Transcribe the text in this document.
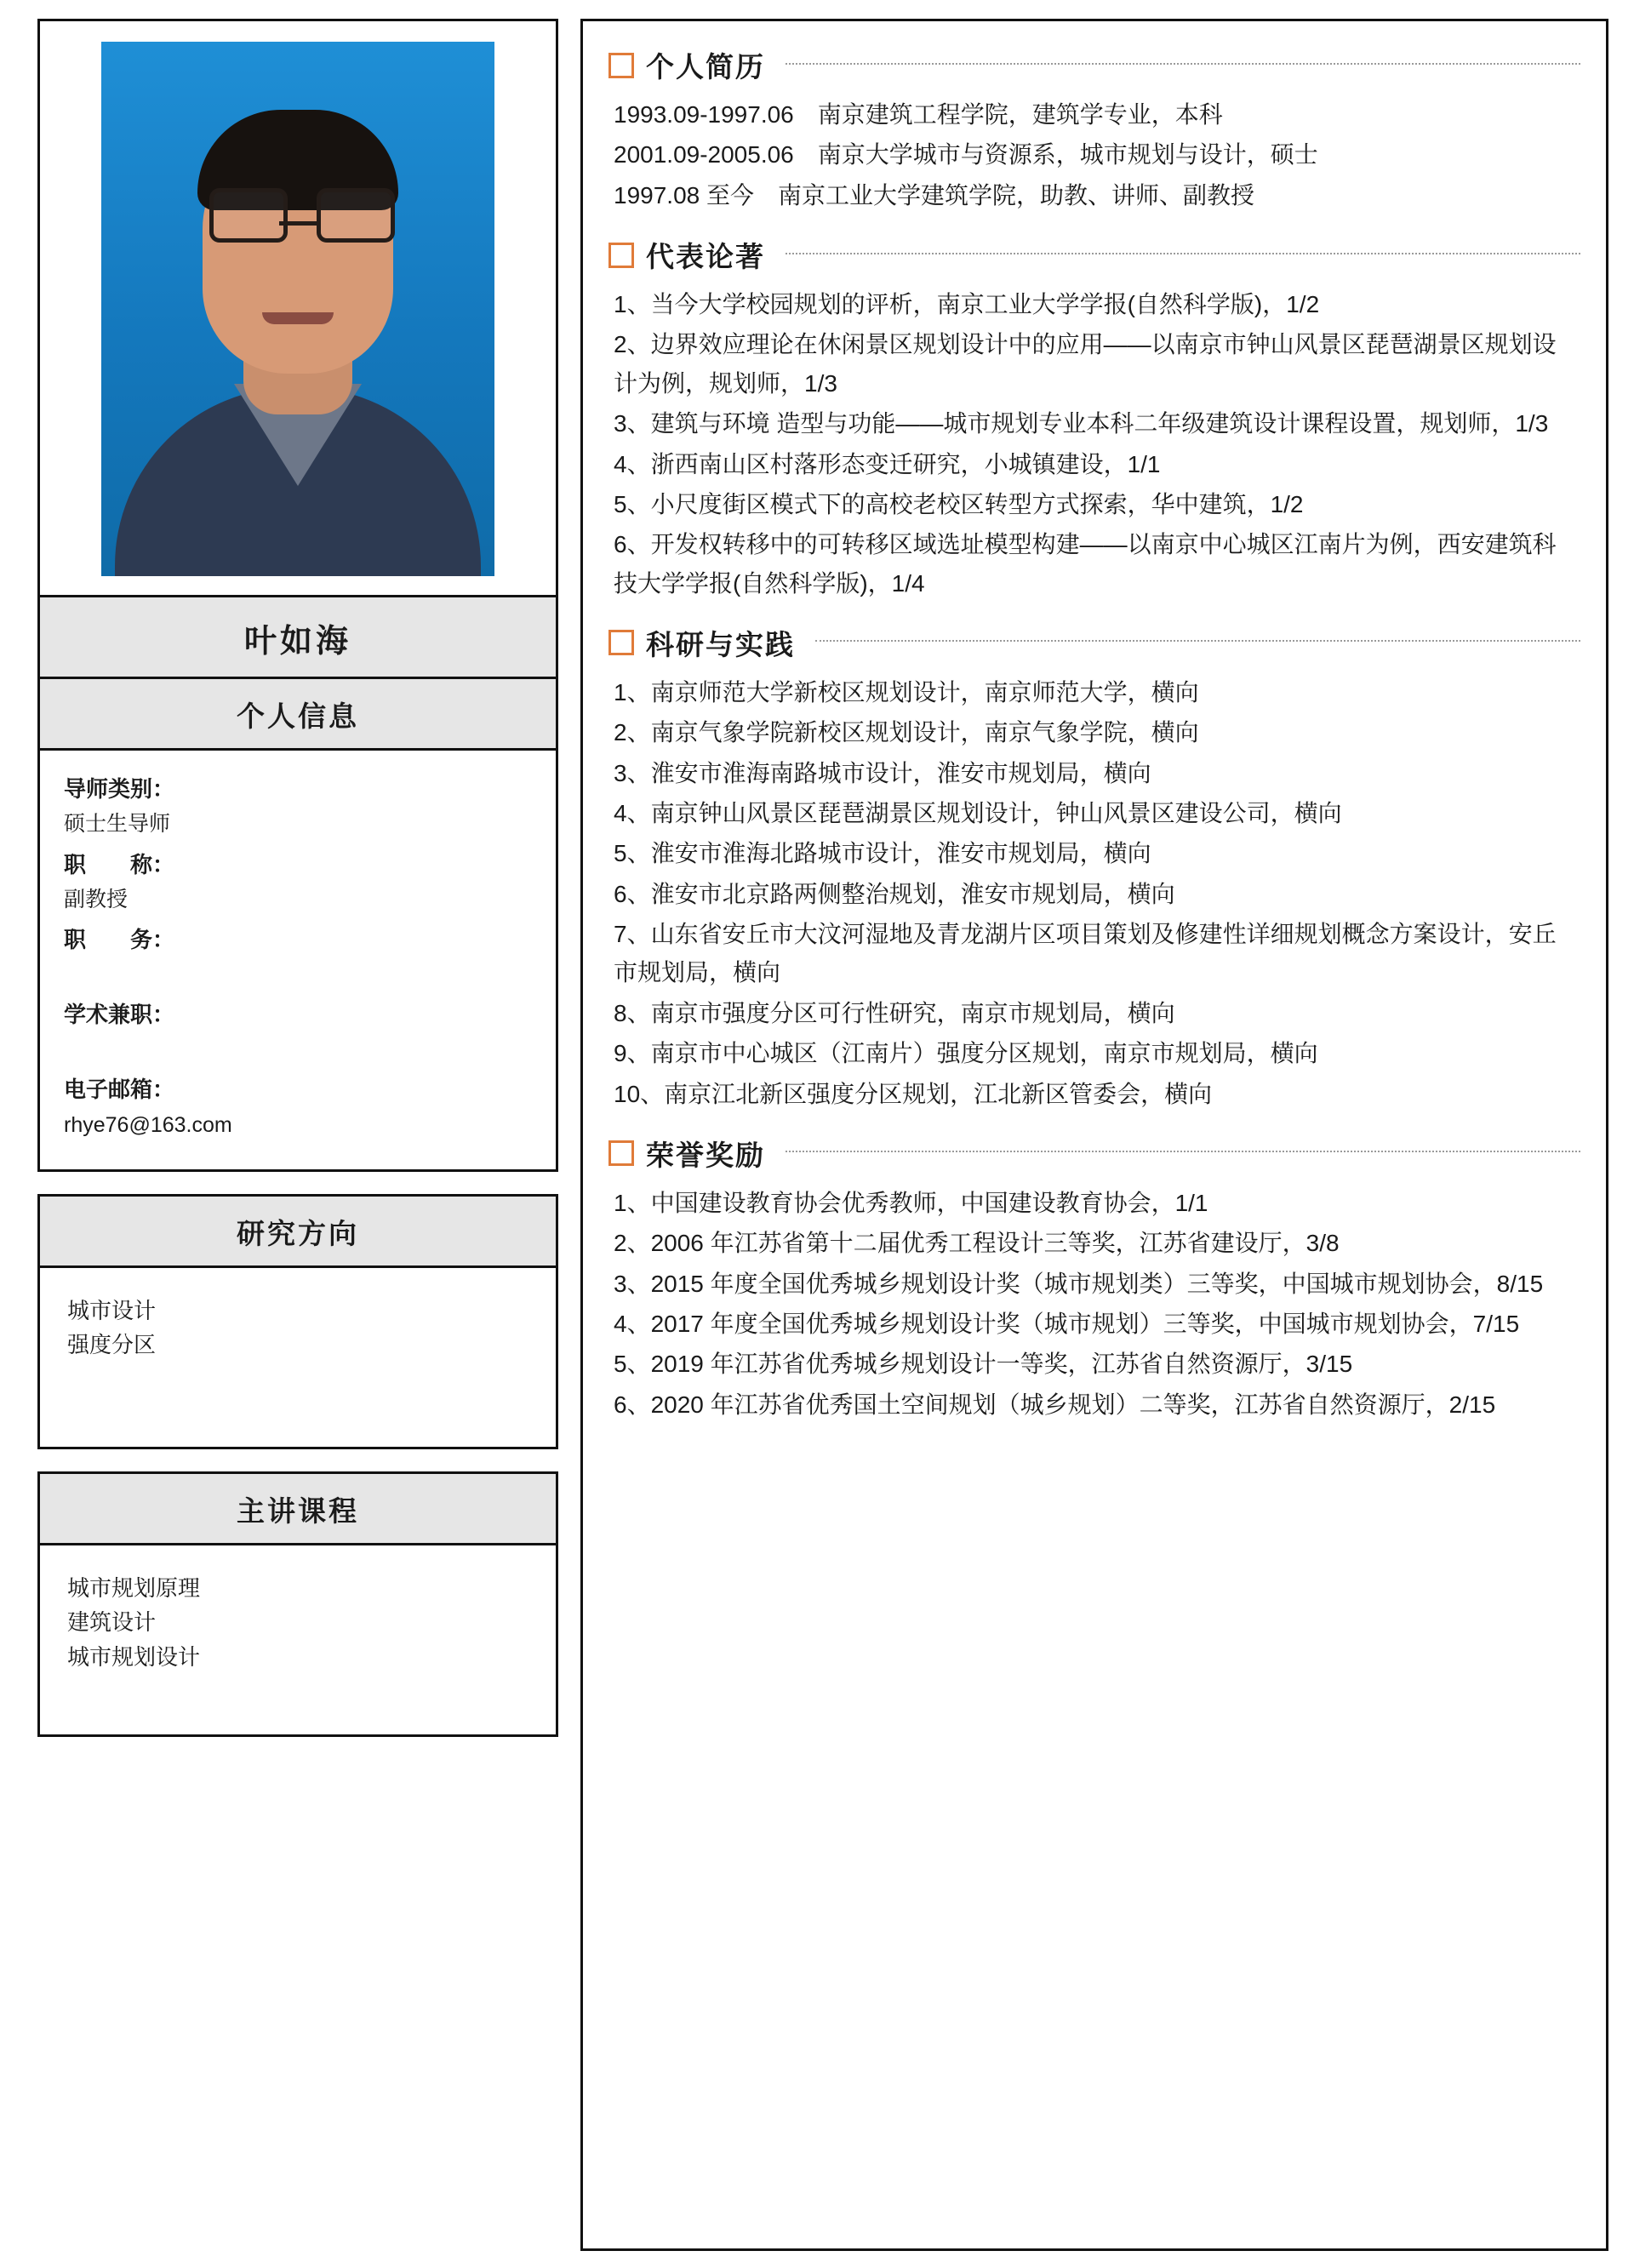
叶如海
个人信息
导师类别：
硕士生导师
职　　称：
副教授
职　　务：
学术兼职：
电子邮箱：
rhye76@163.com
研究方向
城市设计
强度分区
主讲课程
城市规划原理
建筑设计
城市规划设计
个人简历

1993.09-1997.06　南京建筑工程学院，建筑学专业，本科

2001.09-2005.06　南京大学城市与资源系，城市规划与设计，硕士

1997.08 至今　南京工业大学建筑学院，助教、讲师、副教授

代表论著

1、当今大学校园规划的评析，南京工业大学学报(自然科学版)，1/2

2、边界效应理论在休闲景区规划设计中的应用——以南京市钟山风景区琵琶湖景区规划设计为例，规划师，1/3

3、建筑与环境 造型与功能——城市规划专业本科二年级建筑设计课程设置，规划师，1/3

4、浙西南山区村落形态变迁研究，小城镇建设，1/1

5、小尺度街区模式下的高校老校区转型方式探索，华中建筑，1/2

6、开发权转移中的可转移区域选址模型构建——以南京中心城区江南片为例，西安建筑科技大学学报(自然科学版)，1/4

科研与实践

1、南京师范大学新校区规划设计，南京师范大学，横向

2、南京气象学院新校区规划设计，南京气象学院，横向

3、淮安市淮海南路城市设计，淮安市规划局，横向

4、南京钟山风景区琵琶湖景区规划设计，钟山风景区建设公司，横向

5、淮安市淮海北路城市设计，淮安市规划局，横向

6、淮安市北京路两侧整治规划，淮安市规划局，横向

7、山东省安丘市大汶河湿地及青龙湖片区项目策划及修建性详细规划概念方案设计，安丘市规划局，横向

8、南京市强度分区可行性研究，南京市规划局，横向

9、南京市中心城区（江南片）强度分区规划，南京市规划局，横向

10、南京江北新区强度分区规划，江北新区管委会，横向

荣誉奖励

1、中国建设教育协会优秀教师，中国建设教育协会，1/1

2、2006 年江苏省第十二届优秀工程设计三等奖，江苏省建设厅，3/8

3、2015 年度全国优秀城乡规划设计奖（城市规划类）三等奖，中国城市规划协会，8/15

4、2017 年度全国优秀城乡规划设计奖（城市规划）三等奖，中国城市规划协会，7/15

5、2019 年江苏省优秀城乡规划设计一等奖，江苏省自然资源厅，3/15

6、2020 年江苏省优秀国土空间规划（城乡规划）二等奖，江苏省自然资源厅，2/15
